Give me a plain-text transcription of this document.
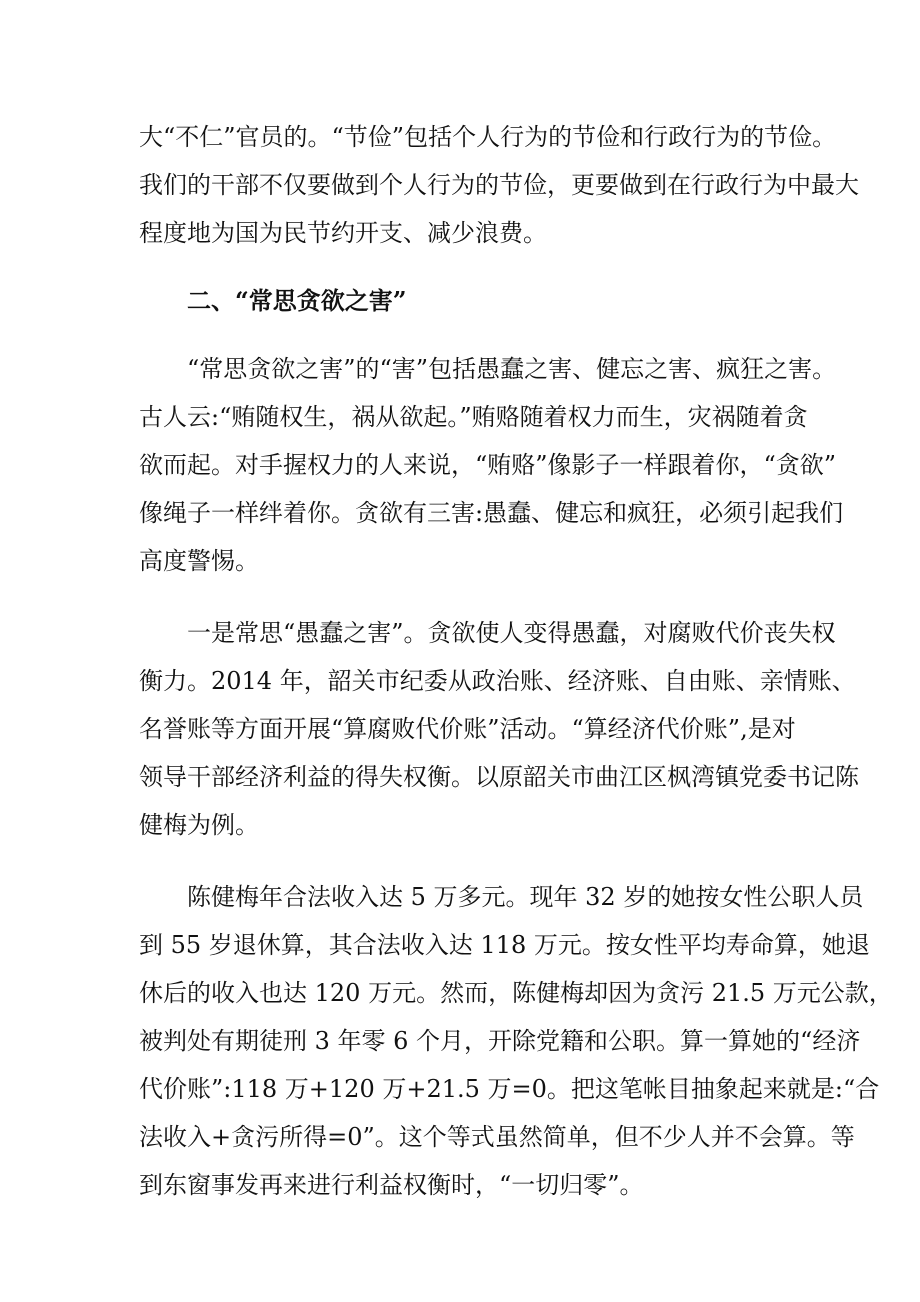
大“不仁”官员的。“节俭”包括个人行为的节俭和行政行为的节俭。
我们的干部不仅要做到个人行为的节俭，更要做到在行政行为中最大
程度地为国为民节约开支、减少浪费。
二、“常思贪欲之害”
“常思贪欲之害”的“害”包括愚蠢之害、健忘之害、疯狂之害。
古人云:“贿随权生，祸从欲起。”贿赂随着权力而生，灾祸随着贪
欲而起。对手握权力的人来说，“贿赂”像影子一样跟着你，“贪欲”
像绳子一样绊着你。贪欲有三害:愚蠢、健忘和疯狂，必须引起我们
高度警惕。
一是常思“愚蠢之害”。贪欲使人变得愚蠢，对腐败代价丧失权
衡力。2014 年，韶关市纪委从政治账、经济账、自由账、亲情账、
名誉账等方面开展“算腐败代价账”活动。“算经济代价账”,是对
领导干部经济利益的得失权衡。以原韶关市曲江区枫湾镇党委书记陈
健梅为例。
陈健梅年合法收入达 5 万多元。现年 32 岁的她按女性公职人员
到 55 岁退休算，其合法收入达 118 万元。按女性平均寿命算，她退
休后的收入也达 120 万元。然而，陈健梅却因为贪污 21.5 万元公款，
被判处有期徒刑 3 年零 6 个月，开除党籍和公职。算一算她的“经济
代价账”:118 万+120 万+21.5 万=0。把这笔帐目抽象起来就是:“合
法收入+贪污所得=0”。这个等式虽然简单，但不少人并不会算。等
到东窗事发再来进行利益权衡时，“一切归零”。
